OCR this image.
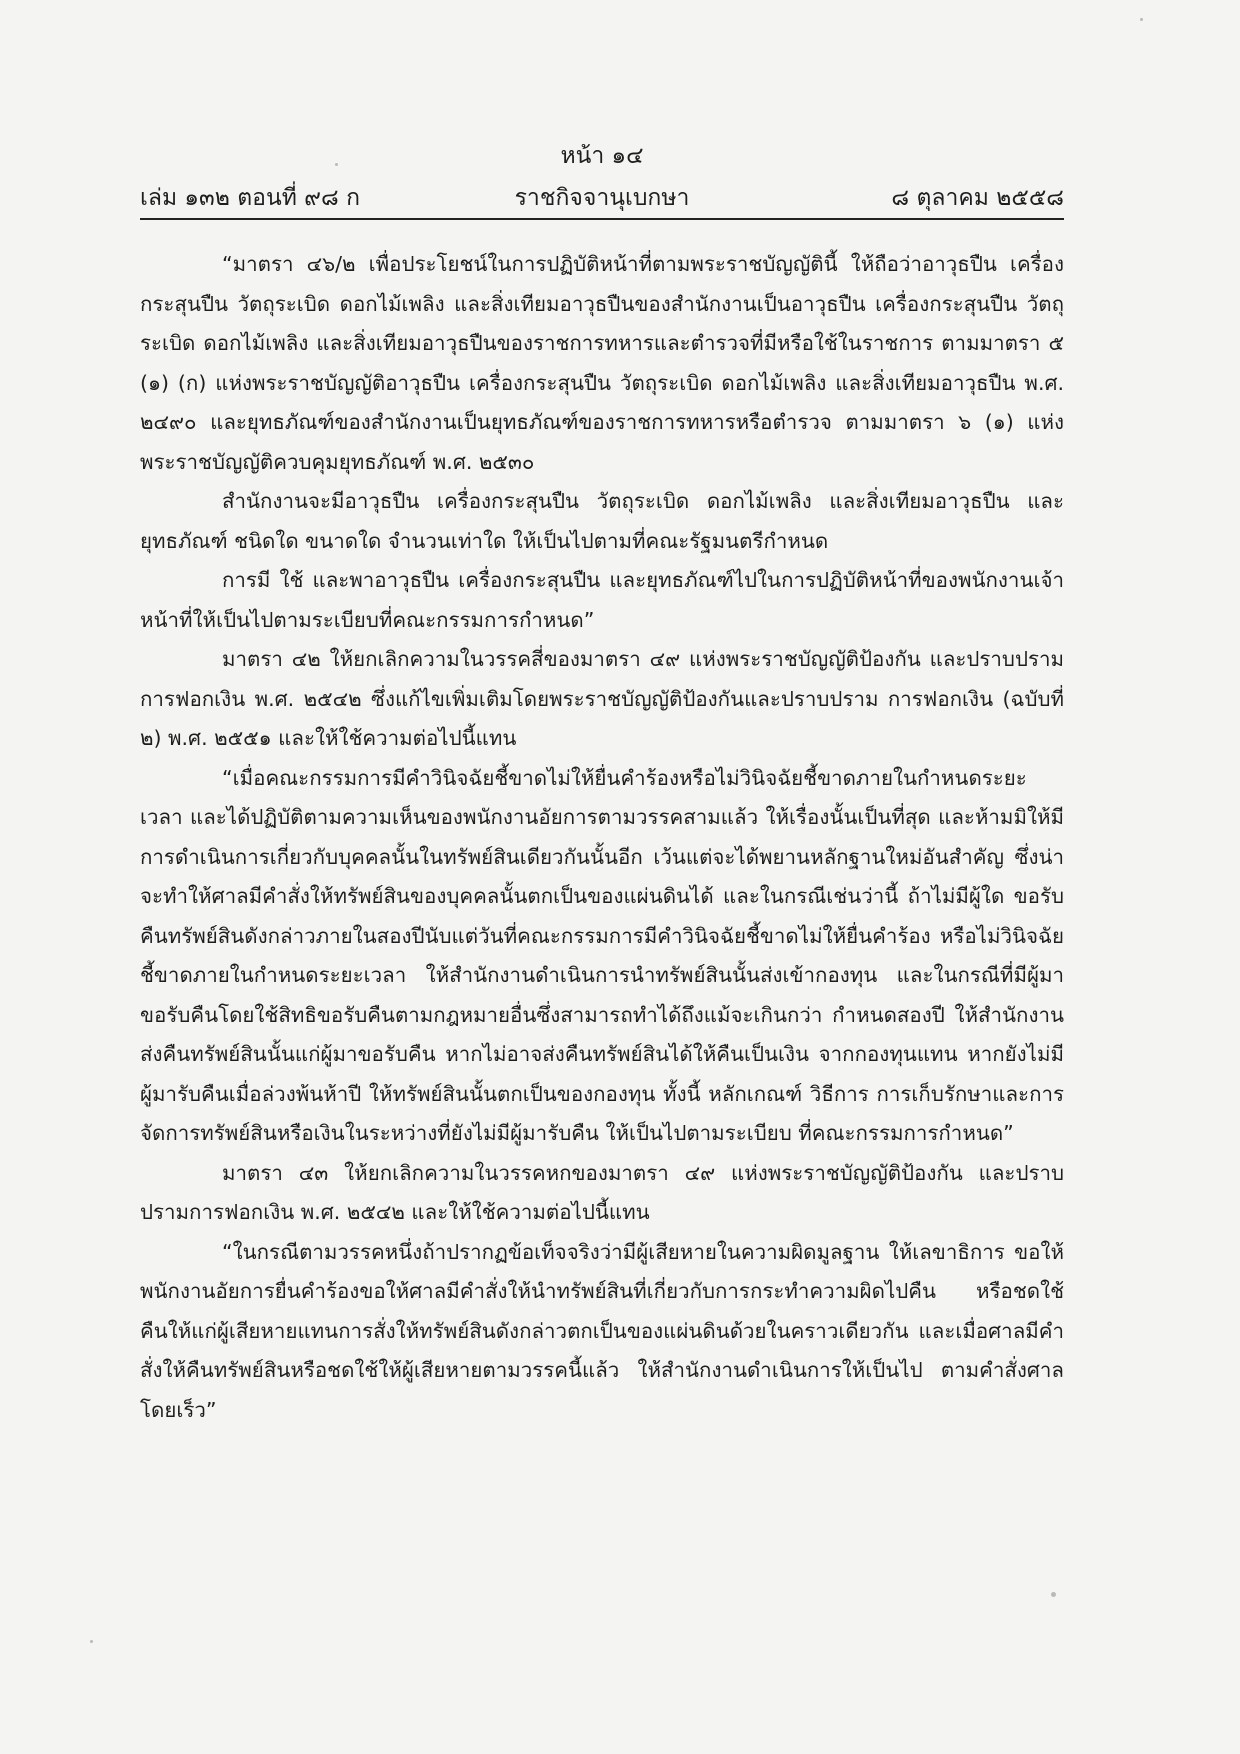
หน้า ๑๔
เล่ม ๑๓๒ ตอนที่ ๙๘ ก	ราชกิจจานุเบกษา	๘ ตุลาคม ๒๕๕๘

“มาตรา ๔๖/๒ เพื่อประโยชน์ในการปฏิบัติหน้าที่ตามพระราชบัญญัตินี้ ให้ถือว่าอาวุธปืน เครื่องกระสุนปืน วัตถุระเบิด ดอกไม้เพลิง และสิ่งเทียมอาวุธปืนของสำนักงานเป็นอาวุธปืน เครื่องกระสุนปืน วัตถุระเบิด ดอกไม้เพลิง และสิ่งเทียมอาวุธปืนของราชการทหารและตำรวจที่มีหรือใช้ในราชการ ตามมาตรา ๕ (๑) (ก) แห่งพระราชบัญญัติอาวุธปืน เครื่องกระสุนปืน วัตถุระเบิด ดอกไม้เพลิง และสิ่งเทียมอาวุธปืน พ.ศ. ๒๔๙๐ และยุทธภัณฑ์ของสำนักงานเป็นยุทธภัณฑ์ของราชการทหารหรือตำรวจ ตามมาตรา ๖ (๑) แห่งพระราชบัญญัติควบคุมยุทธภัณฑ์ พ.ศ. ๒๕๓๐

สำนักงานจะมีอาวุธปืน เครื่องกระสุนปืน วัตถุระเบิด ดอกไม้เพลิง และสิ่งเทียมอาวุธปืน และยุทธภัณฑ์ ชนิดใด ขนาดใด จำนวนเท่าใด ให้เป็นไปตามที่คณะรัฐมนตรีกำหนด

การมี ใช้ และพาอาวุธปืน เครื่องกระสุนปืน และยุทธภัณฑ์ไปในการปฏิบัติหน้าที่ของพนักงานเจ้าหน้าที่ให้เป็นไปตามระเบียบที่คณะกรรมการกำหนด”

มาตรา ๔๒ ให้ยกเลิกความในวรรคสี่ของมาตรา ๔๙ แห่งพระราชบัญญัติป้องกัน และปราบปรามการฟอกเงิน พ.ศ. ๒๕๔๒ ซึ่งแก้ไขเพิ่มเติมโดยพระราชบัญญัติป้องกันและปราบปราม การฟอกเงิน (ฉบับที่ ๒) พ.ศ. ๒๕๕๑ และให้ใช้ความต่อไปนี้แทน

“เมื่อคณะกรรมการมีคำวินิจฉัยชี้ขาดไม่ให้ยื่นคำร้องหรือไม่วินิจฉัยชี้ขาดภายในกำหนดระยะเวลา และได้ปฏิบัติตามความเห็นของพนักงานอัยการตามวรรคสามแล้ว ให้เรื่องนั้นเป็นที่สุด และห้ามมิให้มี การดำเนินการเกี่ยวกับบุคคลนั้นในทรัพย์สินเดียวกันนั้นอีก เว้นแต่จะได้พยานหลักฐานใหม่อันสำคัญ ซึ่งน่าจะทำให้ศาลมีคำสั่งให้ทรัพย์สินของบุคคลนั้นตกเป็นของแผ่นดินได้ และในกรณีเช่นว่านี้ ถ้าไม่มีผู้ใด ขอรับคืนทรัพย์สินดังกล่าวภายในสองปีนับแต่วันที่คณะกรรมการมีคำวินิจฉัยชี้ขาดไม่ให้ยื่นคำร้อง หรือไม่วินิจฉัยชี้ขาดภายในกำหนดระยะเวลา ให้สำนักงานดำเนินการนำทรัพย์สินนั้นส่งเข้ากองทุน และในกรณีที่มีผู้มาขอรับคืนโดยใช้สิทธิขอรับคืนตามกฎหมายอื่นซึ่งสามารถทำได้ถึงแม้จะเกินกว่า กำหนดสองปี ให้สำนักงานส่งคืนทรัพย์สินนั้นแก่ผู้มาขอรับคืน หากไม่อาจส่งคืนทรัพย์สินได้ให้คืนเป็นเงิน จากกองทุนแทน หากยังไม่มีผู้มารับคืนเมื่อล่วงพ้นห้าปี ให้ทรัพย์สินนั้นตกเป็นของกองทุน ทั้งนี้ หลักเกณฑ์ วิธีการ การเก็บรักษาและการจัดการทรัพย์สินหรือเงินในระหว่างที่ยังไม่มีผู้มารับคืน ให้เป็นไปตามระเบียบ ที่คณะกรรมการกำหนด”

มาตรา ๔๓ ให้ยกเลิกความในวรรคหกของมาตรา ๔๙ แห่งพระราชบัญญัติป้องกัน และปราบปรามการฟอกเงิน พ.ศ. ๒๕๔๒ และให้ใช้ความต่อไปนี้แทน

“ในกรณีตามวรรคหนึ่งถ้าปรากฏข้อเท็จจริงว่ามีผู้เสียหายในความผิดมูลฐาน ให้เลขาธิการ ขอให้พนักงานอัยการยื่นคำร้องขอให้ศาลมีคำสั่งให้นำทรัพย์สินที่เกี่ยวกับการกระทำความผิดไปคืน หรือชดใช้คืนให้แก่ผู้เสียหายแทนการสั่งให้ทรัพย์สินดังกล่าวตกเป็นของแผ่นดินด้วยในคราวเดียวกัน และเมื่อศาลมีคำสั่งให้คืนทรัพย์สินหรือชดใช้ให้ผู้เสียหายตามวรรคนี้แล้ว ให้สำนักงานดำเนินการให้เป็นไป ตามคำสั่งศาลโดยเร็ว”
